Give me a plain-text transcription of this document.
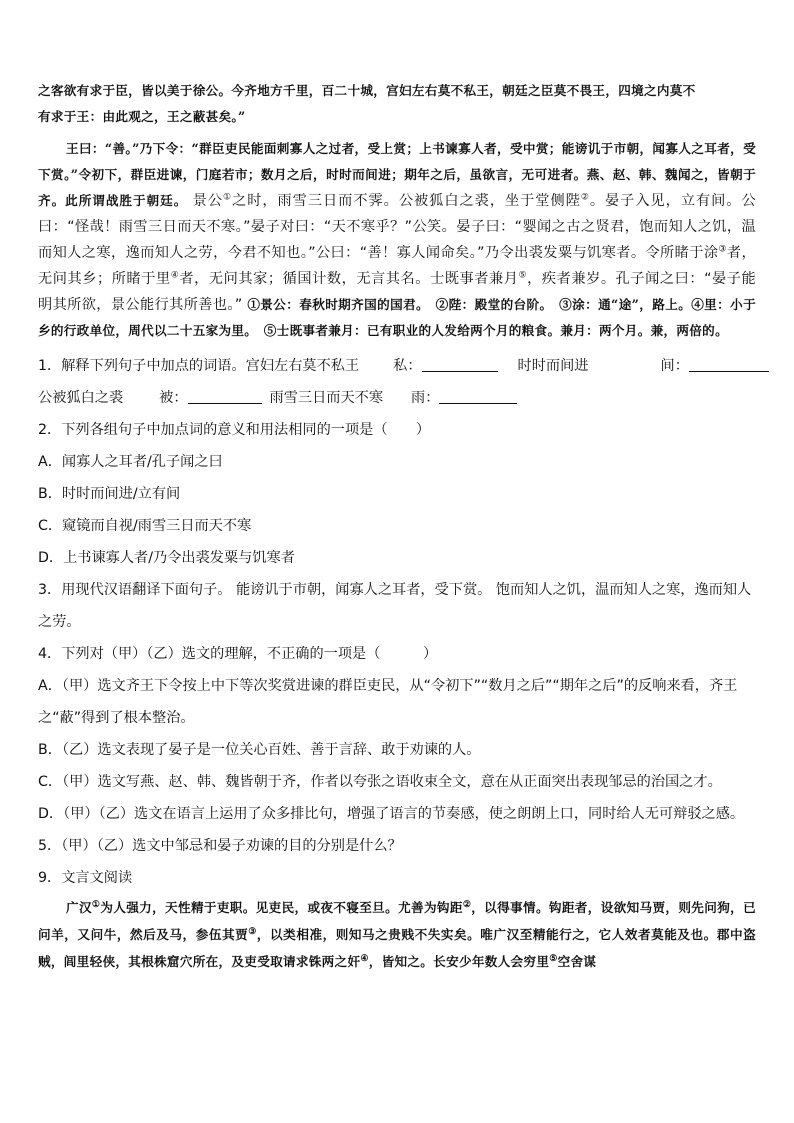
之客欲有求于臣，皆以美于徐公。今齐地方千里，百二十城，宫妇左右莫不私王，朝廷之臣莫不畏王，四境之内莫不

有求于王：由此观之，王之蔽甚矣。”

王曰：“善。”乃下令：“群臣吏民能面刺寡人之过者，受上赏；上书谏寡人者，受中赏；能谤讥于市朝，闻寡人之耳者，受下赏。”令初下，群臣进谏，门庭若市；数月之后，时时而间进；期年之后，虽欲言，无可进者。燕、赵、韩、魏闻之，皆朝于齐。此所谓战胜于朝廷。 景公①之时，雨雪三日而不霁。公被狐白之裘，坐于堂侧陛②。晏子入见，立有间。公曰：“怪哉！雨雪三日而天不寒。”晏子对曰：“天不寒乎？”公笑。晏子曰：“婴闻之古之贤君，饱而知人之饥，温而知人之寒，逸而知人之劳，今君不知也。”公曰：“善！寡人闻命矣。”乃令出裘发粟与饥寒者。令所睹于涂③者，无问其乡；所睹于里④者，无问其家；循国计数，无言其名。士既事者兼月⑤，疾者兼岁。孔子闻之曰：“晏子能明其所欲，景公能行其所善也。” ①景公：春秋时期齐国的国君。　②陛：殿堂的台阶。　③涂：通“途”，路上。④里：小于乡的行政单位，周代以二十五家为里。　⑤士既事者兼月：已有职业的人发给两个月的粮食。兼月：两个月。兼，两倍的。

1．解释下列句子中加点的词语。宫妇左右莫不私王 私：	时时而间进	间：

公被狐白之裘	被：	雨雪三日而天不寒 雨：

2．下列各组句子中加点词的意义和用法相同的一项是（　　）

A．闻寡人之耳者/孔子闻之曰

B．时时而间进/立有间

C．窥镜而自视/雨雪三日而天不寒

D．上书谏寡人者/乃令出裘发粟与饥寒者

3．用现代汉语翻译下面句子。 能谤讥于市朝，闻寡人之耳者，受下赏。 饱而知人之饥，温而知人之寒，逸而知人之劳。

4．下列对（甲）（乙）选文的理解，不正确的一项是（　　　）

A．（甲）选文齐王下令按上中下等次奖赏进谏的群臣吏民，从“令初下”“数月之后”“期年之后”的反响来看，齐王之“蔽”得到了根本整治。

B．（乙）选文表现了晏子是一位关心百姓、善于言辞、敢于劝谏的人。

C．（甲）选文写燕、赵、韩、魏皆朝于齐，作者以夸张之语收束全文，意在从正面突出表现邹忌的治国之才。

D．（甲）（乙）选文在语言上运用了众多排比句，增强了语言的节奏感，使之朗朗上口，同时给人无可辩驳之感。

5．（甲）（乙）选文中邹忌和晏子劝谏的目的分别是什么？

9．文言文阅读

广汉①为人强力，天性精于吏职。见吏民，或夜不寝至旦。尤善为钩距②，以得事情。钩距者，设欲知马贾，则先问狗，已问羊，又问牛，然后及马，参伍其贾③，以类相准，则知马之贵贱不失实矣。唯广汉至精能行之，它人效者莫能及也。郡中盗贼，闾里轻侠，其根株窟穴所在，及吏受取请求铢两之奸④，皆知之。长安少年数人会穷里⑤空舍谋
